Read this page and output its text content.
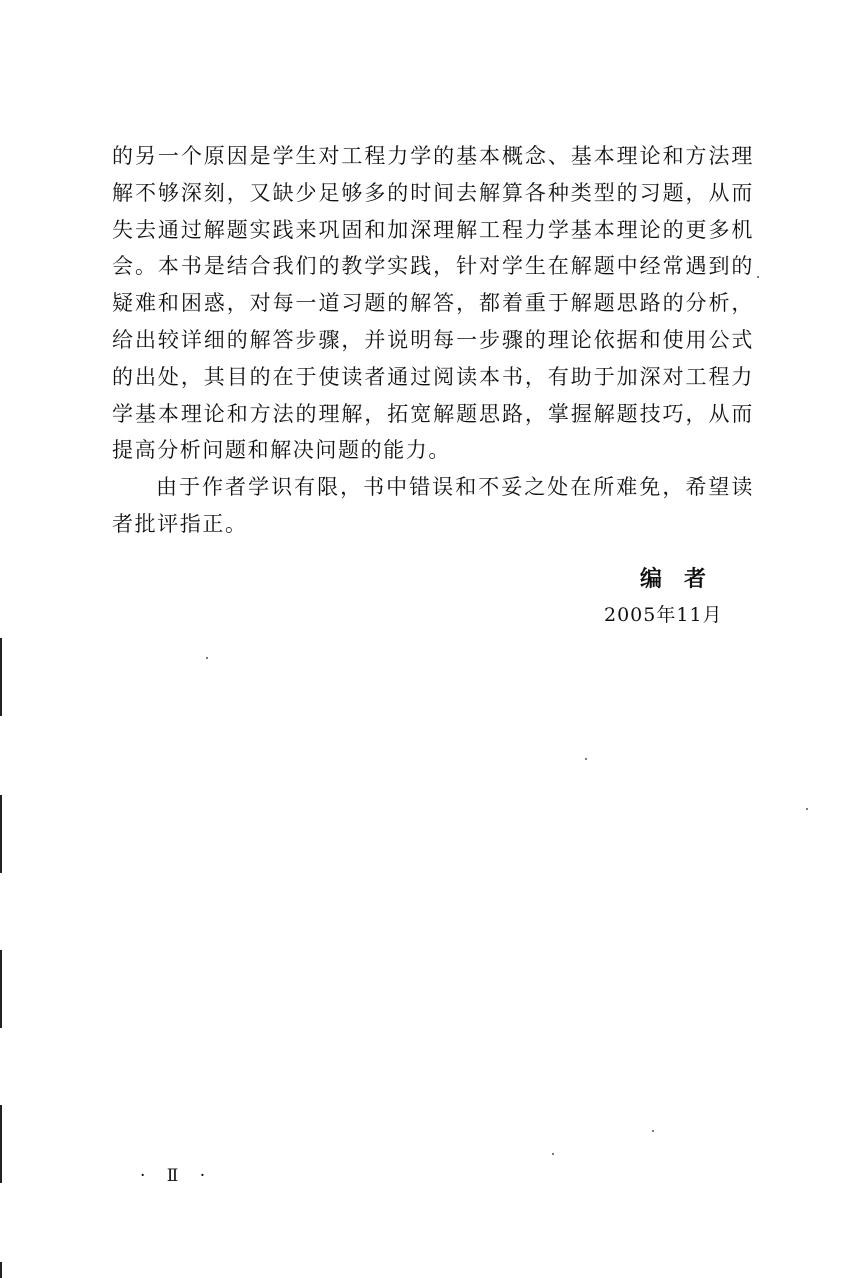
的另一个原因是学生对工程力学的基本概念、基本理论和方法理解不够深刻，又缺少足够多的时间去解算各种类型的习题，从而失去通过解题实践来巩固和加深理解工程力学基本理论的更多机会。本书是结合我们的教学实践，针对学生在解题中经常遇到的疑难和困惑，对每一道习题的解答，都着重于解题思路的分析，给出较详细的解答步骤，并说明每一步骤的理论依据和使用公式的出处，其目的在于使读者通过阅读本书，有助于加深对工程力学基本理论和方法的理解，拓宽解题思路，掌握解题技巧，从而提高分析问题和解决问题的能力。

由于作者学识有限，书中错误和不妥之处在所难免，希望读者批评指正。

编者
2005年11月
· Ⅱ ·
